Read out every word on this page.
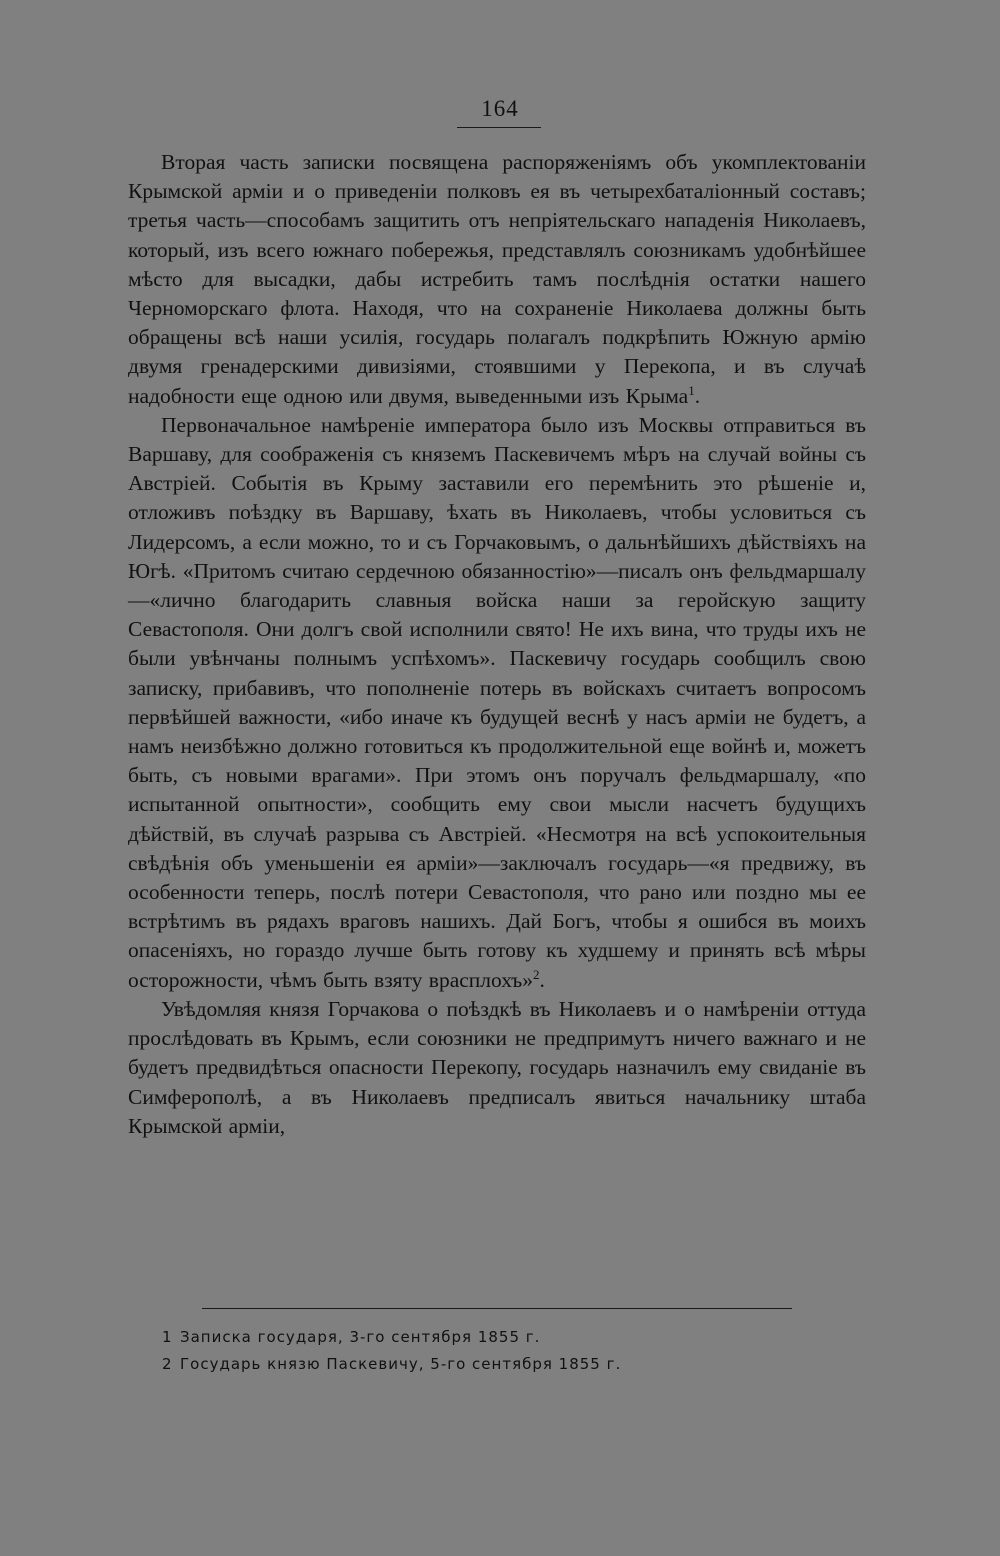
164

Вторая часть записки посвящена распоряженіямъ объ укомплектованіи Крымской арміи и о приведеніи полковъ ея въ четырехбаталіонный составъ; третья часть—способамъ защитить отъ непріятельскаго нападенія Николаевъ, который, изъ всего южнаго побережья, представлялъ союзникамъ удобнѣйшее мѣсто для высадки, дабы истребить тамъ послѣднія остатки нашего Черноморскаго флота. Находя, что на сохраненіе Николаева должны быть обращены всѣ наши усилія, государь полагалъ подкрѣпить Южную армію двумя гренадерскими дивизіями, стоявшими у Перекопа, и въ случаѣ надобности еще одною или двумя, выведенными изъ Крыма$^1$.

Первоначальное намѣреніе императора было изъ Москвы отправиться въ Варшаву, для соображенія съ княземъ Паскевичемъ мѣръ на случай войны съ Австріей. Событія въ Крыму заставили его перемѣнить это рѣшеніе и, отложивъ поѣздку въ Варшаву, ѣхать въ Николаевъ, чтобы условиться съ Лидерсомъ, а если можно, то и съ Горчаковымъ, о дальнѣйшихъ дѣйствіяхъ на Югѣ. «Притомъ считаю сердечною обязанностію»—писалъ онъ фельдмаршалу—«лично благодарить славныя войска наши за геройскую защиту Севастополя. Они долгъ свой исполнили свято! Не ихъ вина, что труды ихъ не были увѣнчаны полнымъ успѣхомъ». Паскевичу государь сообщилъ свою записку, прибавивъ, что пополненіе потерь въ войскахъ считаетъ вопросомъ первѣйшей важности, «ибо иначе къ будущей веснѣ у насъ арміи не будетъ, а намъ неизбѣжно должно готовиться къ продолжительной еще войнѣ и, можетъ быть, съ новыми врагами». При этомъ онъ поручалъ фельдмаршалу, «по испытанной опытности», сообщить ему свои мысли насчетъ будущихъ дѣйствій, въ случаѣ разрыва съ Австріей. «Несмотря на всѣ успокоительныя свѣдѣнія объ уменьшеніи ея арміи»—заключалъ государь—«я предвижу, въ особенности теперь, послѣ потери Севастополя, что рано или поздно мы ее встрѣтимъ въ рядахъ враговъ нашихъ. Дай Богъ, чтобы я ошибся въ моихъ опасеніяхъ, но гораздо лучше быть готову къ худшему и принять всѣ мѣры осторожности, чѣмъ быть взяту врасплохъ»$^2$.

Увѣдомляя князя Горчакова о поѣздкѣ въ Николаевъ и о намѣреніи оттуда прослѣдовать въ Крымъ, если союзники не предпримутъ ничего важнаго и не будетъ предвидѣться опасности Перекопу, государь назначилъ ему свиданіе въ Симферополѣ, а въ Николаевъ предписалъ явиться начальнику штаба Крымской арміи,

1 Записка государя, 3-го сентября 1855 г.
2 Государь князю Паскевичу, 5-го сентября 1855 г.
